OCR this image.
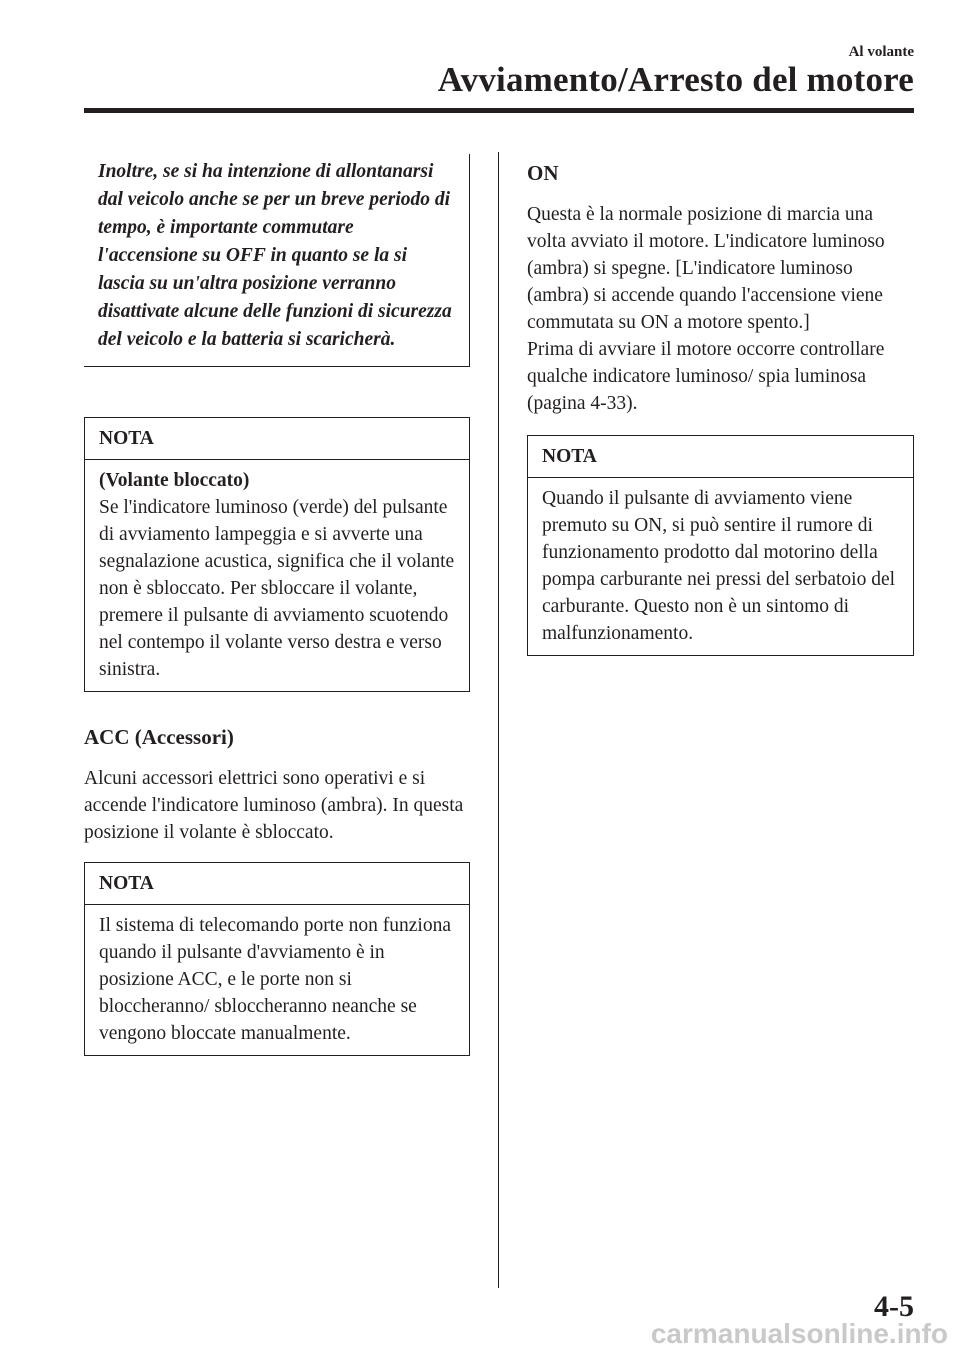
Al volante
Avviamento/Arresto del motore
Inoltre, se si ha intenzione di allontanarsi dal veicolo anche se per un breve periodo di tempo, è importante commutare l'accensione su OFF in quanto se la si lascia su un'altra posizione verranno disattivate alcune delle funzioni di sicurezza del veicolo e la batteria si scaricherà.
NOTA
(Volante bloccato)
Se l'indicatore luminoso (verde) del pulsante di avviamento lampeggia e si avverte una segnalazione acustica, significa che il volante non è sbloccato. Per sbloccare il volante, premere il pulsante di avviamento scuotendo nel contempo il volante verso destra e verso sinistra.
ACC (Accessori)

Alcuni accessori elettrici sono operativi e si accende l'indicatore luminoso (ambra). In questa posizione il volante è sbloccato.

NOTA
Il sistema di telecomando porte non funziona quando il pulsante d'avviamento è in posizione ACC, e le porte non si bloccheranno/ sbloccheranno neanche se vengono bloccate manualmente.
ON

Questa è la normale posizione di marcia una volta avviato il motore. L'indicatore luminoso (ambra) si spegne. [L'indicatore luminoso (ambra) si accende quando l'accensione viene commutata su ON a motore spento.]

Prima di avviare il motore occorre controllare qualche indicatore luminoso/ spia luminosa (pagina 4-33).

NOTA
Quando il pulsante di avviamento viene premuto su ON, si può sentire il rumore di funzionamento prodotto dal motorino della pompa carburante nei pressi del serbatoio del carburante. Questo non è un sintomo di malfunzionamento.
4-5
carmanualsonline.info
